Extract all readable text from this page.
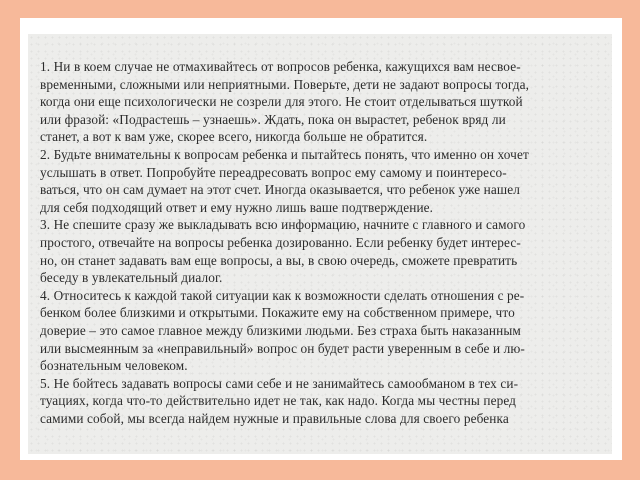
1. Ни в коем случае не отмахивайтесь от вопросов ребенка, кажущихся вам несвое-
временными, сложными или неприятными. Поверьте, дети не задают вопросы тогда,
когда они еще психологически не созрели для этого. Не стоит отделываться шуткой
или фразой: «Подрастешь – узнаешь». Ждать, пока он вырастет, ребенок вряд ли
станет, а вот к вам уже, скорее всего, никогда больше не обратится.

2. Будьте внимательны к вопросам ребенка и пытайтесь понять, что именно он хочет
услышать в ответ. Попробуйте переадресовать вопрос ему самому и поинтересо-
ваться, что он сам думает на этот счет. Иногда оказывается, что ребенок уже нашел
для себя подходящий ответ и ему нужно лишь ваше подтверждение.

3. Не спешите сразу же выкладывать всю информацию, начните с главного и самого
простого, отвечайте на вопросы ребенка дозированно. Если ребенку будет интерес-
но, он станет задавать вам еще вопросы, а вы, в свою очередь, сможете превратить
беседу в увлекательный диалог.

4. Относитесь к каждой такой ситуации как к возможности сделать отношения с ре-
бенком более близкими и открытыми. Покажите ему на собственном примере, что
доверие – это самое главное между близкими людьми. Без страха быть наказанным
или высмеянным за «неправильный» вопрос он будет расти уверенным в себе и лю-
бознательным человеком.

5. Не бойтесь задавать вопросы сами себе и не занимайтесь самообманом в тех си-
туациях, когда что-то действительно идет не так, как надо. Когда мы честны перед
самими собой, мы всегда найдем нужные и правильные слова для своего ребенка
